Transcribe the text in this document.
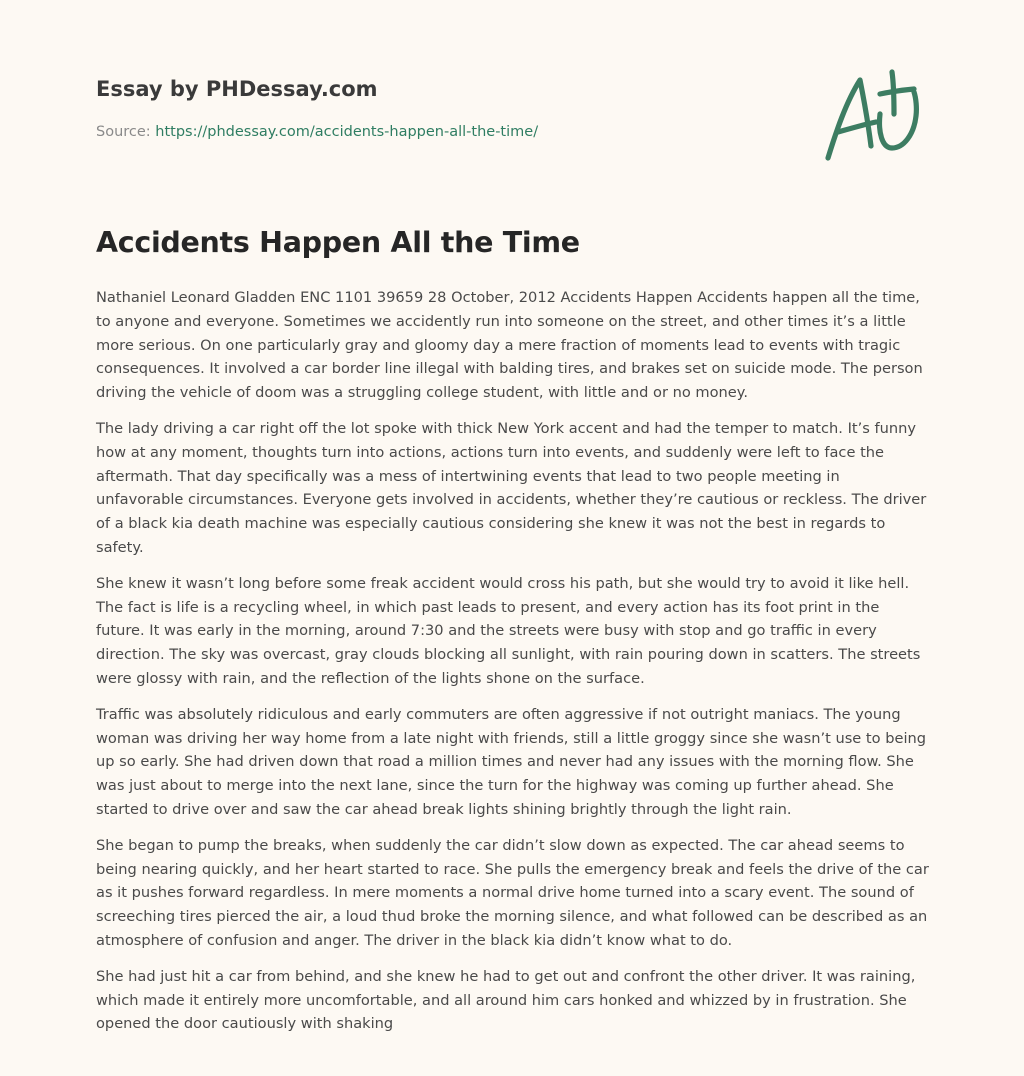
Essay by PHDessay.com
Source: https://phdessay.com/accidents-happen-all-the-time/
Accidents Happen All the Time

Nathaniel Leonard Gladden ENC 1101 39659 28 October, 2012 Accidents Happen Accidents happen all the time, to anyone and everyone. Sometimes we accidently run into someone on the street, and other times it’s a little more serious. On one particularly gray and gloomy day a mere fraction of moments lead to events with tragic consequences. It involved a car border line illegal with balding tires, and brakes set on suicide mode. The person driving the vehicle of doom was a struggling college student, with little and or no money.

The lady driving a car right off the lot spoke with thick New York accent and had the temper to match. It’s funny how at any moment, thoughts turn into actions, actions turn into events, and suddenly were left to face the aftermath. That day specifically was a mess of intertwining events that lead to two people meeting in unfavorable circumstances. Everyone gets involved in accidents, whether they’re cautious or reckless. The driver of a black kia death machine was especially cautious considering she knew it was not the best in regards to safety.

She knew it wasn’t long before some freak accident would cross his path, but she would try to avoid it like hell. The fact is life is a recycling wheel, in which past leads to present, and every action has its foot print in the future. It was early in the morning, around 7:30 and the streets were busy with stop and go traffic in every direction. The sky was overcast, gray clouds blocking all sunlight, with rain pouring down in scatters. The streets were glossy with rain, and the reflection of the lights shone on the surface.

Traffic was absolutely ridiculous and early commuters are often aggressive if not outright maniacs. The young woman was driving her way home from a late night with friends, still a little groggy since she wasn’t use to being up so early. She had driven down that road a million times and never had any issues with the morning flow. She was just about to merge into the next lane, since the turn for the highway was coming up further ahead. She started to drive over and saw the car ahead break lights shining brightly through the light rain.

She began to pump the breaks, when suddenly the car didn’t slow down as expected. The car ahead seems to being nearing quickly, and her heart started to race. She pulls the emergency break and feels the drive of the car as it pushes forward regardless. In mere moments a normal drive home turned into a scary event. The sound of screeching tires pierced the air, a loud thud broke the morning silence, and what followed can be described as an atmosphere of confusion and anger. The driver in the black kia didn’t know what to do.

She had just hit a car from behind, and she knew he had to get out and confront the other driver. It was raining, which made it entirely more uncomfortable, and all around him cars honked and whizzed by in frustration. She opened the door cautiously with shaking
